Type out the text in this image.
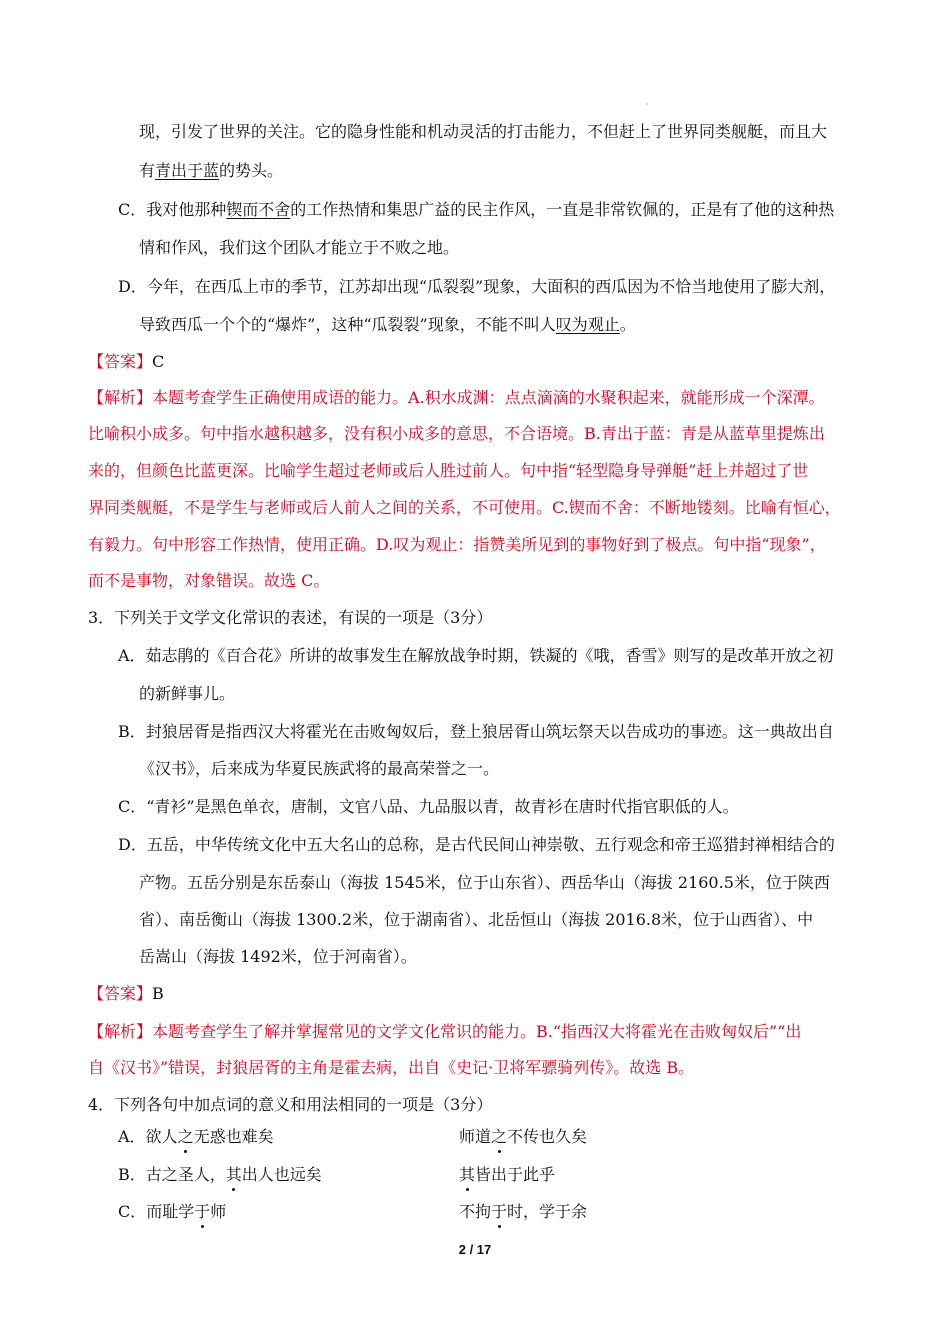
现，引发了世界的关注。它的隐身性能和机动灵活的打击能力，不但赶上了世界同类舰艇，而且大
有青出于蓝的势头。
C．我对他那种锲而不舍的工作热情和集思广益的民主作风，一直是非常钦佩的，正是有了他的这种热
情和作风，我们这个团队才能立于不败之地。
D．今年，在西瓜上市的季节，江苏却出现“瓜裂裂”现象，大面积的西瓜因为不恰当地使用了膨大剂，
导致西瓜一个个的“爆炸”，这种“瓜裂裂”现象，不能不叫人叹为观止。
【答案】C
【解析】本题考查学生正确使用成语的能力。A.积水成渊：点点滴滴的水聚积起来，就能形成一个深潭。
比喻积小成多。句中指水越积越多，没有积小成多的意思，不合语境。B.青出于蓝：青是从蓝草里提炼出
来的，但颜色比蓝更深。比喻学生超过老师或后人胜过前人。句中指“轻型隐身导弹艇”赶上并超过了世
界同类舰艇，不是学生与老师或后人前人之间的关系，不可使用。C.锲而不舍：不断地镂刻。比喻有恒心，
有毅力。句中形容工作热情，使用正确。D.叹为观止：指赞美所见到的事物好到了极点。句中指“现象”，
而不是事物，对象错误。故选 C。
3．下列关于文学文化常识的表述，有误的一项是（3分）
A．茹志鹃的《百合花》所讲的故事发生在解放战争时期，铁凝的《哦，香雪》则写的是改革开放之初
的新鲜事儿。
B．封狼居胥是指西汉大将霍光在击败匈奴后，登上狼居胥山筑坛祭天以告成功的事迹。这一典故出自
《汉书》，后来成为华夏民族武将的最高荣誉之一。
C．“青衫”是黑色单衣，唐制，文官八品、九品服以青，故青衫在唐时代指官职低的人。
D．五岳，中华传统文化中五大名山的总称，是古代民间山神崇敬、五行观念和帝王巡猎封禅相结合的
产物。五岳分别是东岳泰山（海拔 1545米，位于山东省）、西岳华山（海拔 2160.5米，位于陕西
省）、南岳衡山（海拔 1300.2米，位于湖南省）、北岳恒山（海拔 2016.8米，位于山西省）、中
岳嵩山（海拔 1492米，位于河南省）。
【答案】B
【解析】本题考查学生了解并掌握常见的文学文化常识的能力。B.“指西汉大将霍光在击败匈奴后”“出
自《汉书》”错误，封狼居胥的主角是霍去病，出自《史记·卫将军骠骑列传》。故选 B。
4．下列各句中加点词的意义和用法相同的一项是（3分）
A．欲人之无惑也难矣	师道之不传也久矣
B．古之圣人，其出人也远矣	其皆出于此乎
C．而耻学于师	不拘于时，学于余
2 / 17
